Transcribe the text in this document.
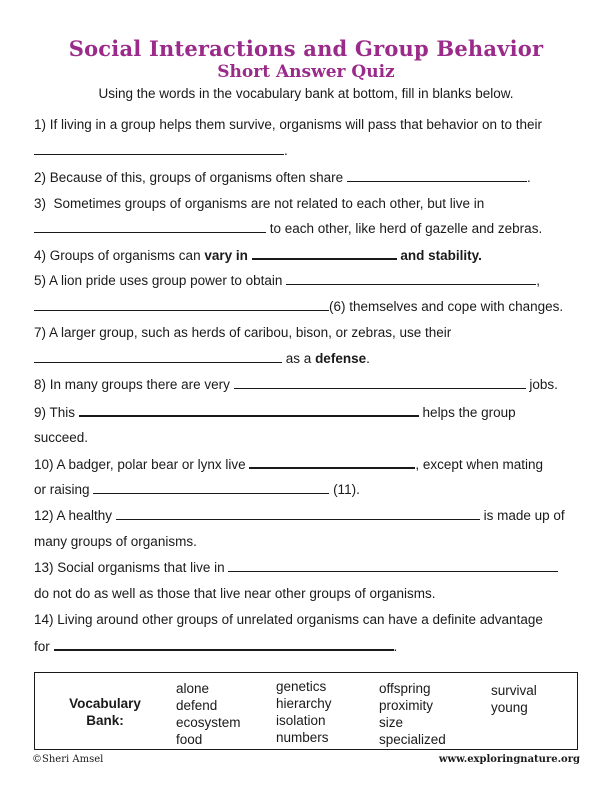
Social Interactions and Group Behavior
Short Answer Quiz
Using the words in the vocabulary bank at bottom, fill in blanks below.
1) If living in a group helps them survive, organisms will pass that behavior on to their
.
2) Because of this, groups of organisms often share	.
3)  Sometimes groups of organisms are not related to each other, but live in
to each other, like herd of gazelle and zebras.
4) Groups of organisms can vary in	and stability.
5) A lion pride uses group power to obtain	,
(6) themselves and cope with changes.
7) A larger group, such as herds of caribou, bison, or zebras, use their
as a defense.
8) In many groups there are very	jobs.
9) This	helps the group
succeed.
10) A badger, polar bear or lynx live	, except when mating
or raising	(11).
12) A healthy	is made up of
many groups of organisms.
13) Social organisms that live in
do not do as well as those that live near other groups of organisms.
14) Living around other groups of unrelated organisms can have a definite advantage
for	.
Vocabulary
Bank:
alone
defend
ecosystem
food
genetics
hierarchy
isolation
numbers
offspring
proximity
size
specialized
survival
young
©Sheri Amsel	www.exploringnature.org
